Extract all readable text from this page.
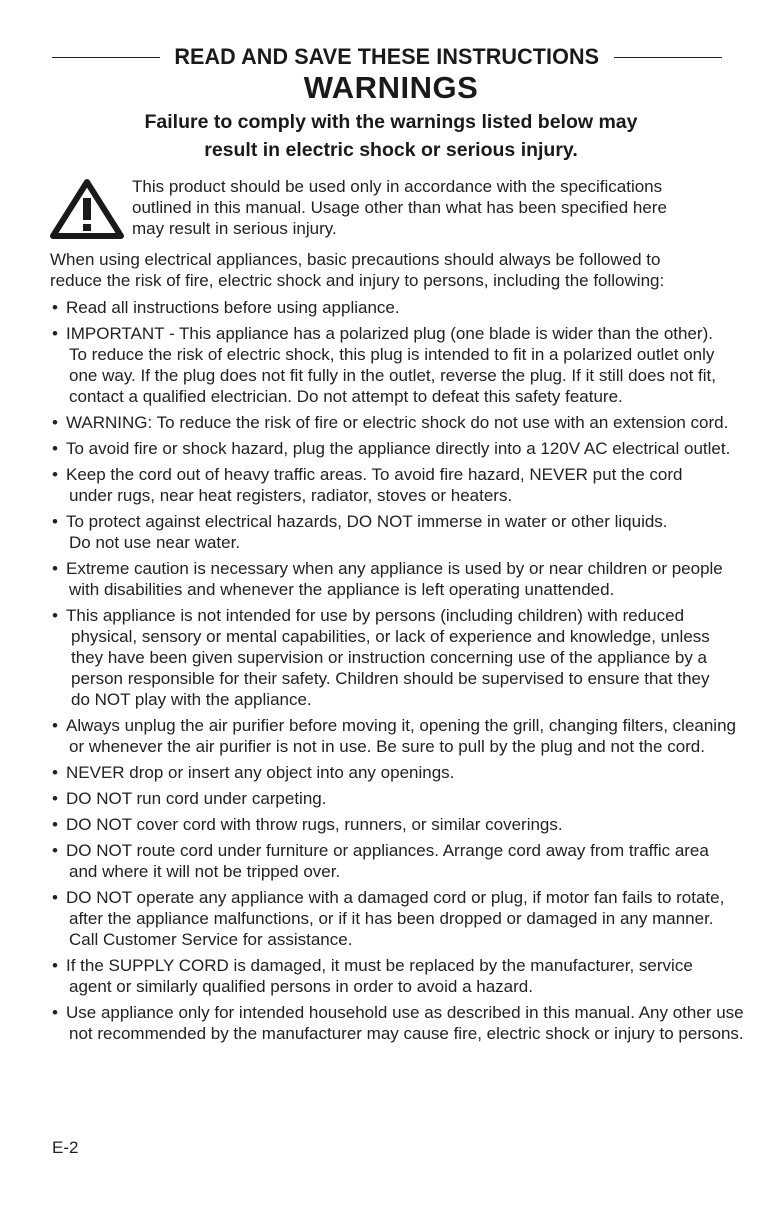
READ AND SAVE THESE INSTRUCTIONS
WARNINGS
Failure to comply with the warnings listed below may
result in electric shock or serious injury.
This product should be used only in accordance with the specifications
outlined in this manual. Usage other than what has been specified here
may result in serious injury.
When using electrical appliances, basic precautions should always be followed to
reduce the risk of fire, electric shock and injury to persons, including the following:
• Read all instructions before using appliance.
• IMPORTANT - This appliance has a polarized plug (one blade is wider than the other).
To reduce the risk of electric shock, this plug is intended to fit in a polarized outlet only
one way. If the plug does not fit fully in the outlet, reverse the plug. If it still does not fit,
contact a qualified electrician. Do not attempt to defeat this safety feature.
• WARNING: To reduce the risk of fire or electric shock do not use with an extension cord.
• To avoid fire or shock hazard, plug the appliance directly into a 120V AC electrical outlet.
• Keep the cord out of heavy traffic areas. To avoid fire hazard, NEVER put the cord
under rugs, near heat registers, radiator, stoves or heaters.
• To protect against electrical hazards, DO NOT immerse in water or other liquids.
Do not use near water.
• Extreme caution is necessary when any appliance is used by or near children or people
with disabilities and whenever the appliance is left operating unattended.
• This appliance is not intended for use by persons (including children) with reduced
physical, sensory or mental capabilities, or lack of experience and knowledge, unless
they have been given supervision or instruction concerning use of the appliance by a
person responsible for their safety. Children should be supervised to ensure that they
do NOT play with the appliance.
• Always unplug the air purifier before moving it, opening the grill, changing filters, cleaning
or whenever the air purifier is not in use. Be sure to pull by the plug and not the cord.
• NEVER drop or insert any object into any openings.
• DO NOT run cord under carpeting.
• DO NOT cover cord with throw rugs, runners, or similar coverings.
• DO NOT route cord under furniture or appliances. Arrange cord away from traffic area
and where it will not be tripped over.
• DO NOT operate any appliance with a damaged cord or plug, if motor fan fails to rotate,
after the appliance malfunctions, or if it has been dropped or damaged in any manner.
Call Customer Service for assistance.
• If the SUPPLY CORD is damaged, it must be replaced by the manufacturer, service
agent or similarly qualified persons in order to avoid a hazard.
• Use appliance only for intended household use as described in this manual. Any other use
not recommended by the manufacturer may cause fire, electric shock or injury to persons.
E-2
